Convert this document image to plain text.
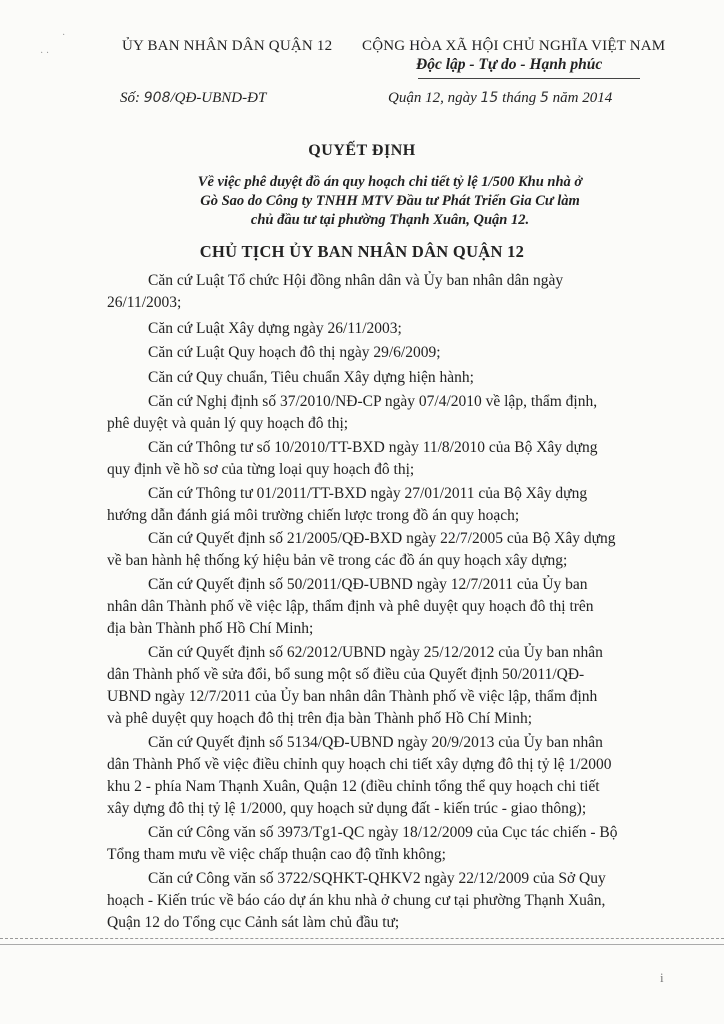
· ·
·
ỦY BAN NHÂN DÂN QUẬN 12 CỘNG HÒA XÃ HỘI CHỦ NGHĨA VIỆT NAM
Độc lập - Tự do - Hạnh phúc
Số: 908/QĐ-UBND-ĐT	Quận 12, ngày 15 tháng 5 năm 2014
QUYẾT ĐỊNH
Về việc phê duyệt đồ án quy hoạch chi tiết tỷ lệ 1/500 Khu nhà ở
Gò Sao do Công ty TNHH MTV Đầu tư Phát Triển Gia Cư làm
chủ đầu tư tại phường Thạnh Xuân, Quận 12.
CHỦ TỊCH ỦY BAN NHÂN DÂN QUẬN 12
Căn cứ Luật Tổ chức Hội đồng nhân dân và Ủy ban nhân dân ngày
26/11/2003;
Căn cứ Luật Xây dựng ngày 26/11/2003;
Căn cứ Luật Quy hoạch đô thị ngày 29/6/2009;
Căn cứ Quy chuẩn, Tiêu chuẩn Xây dựng hiện hành;
Căn cứ Nghị định số 37/2010/NĐ-CP ngày 07/4/2010 về lập, thẩm định,
phê duyệt và quản lý quy hoạch đô thị;
Căn cứ Thông tư số 10/2010/TT-BXD ngày 11/8/2010 của Bộ Xây dựng
quy định về hồ sơ của từng loại quy hoạch đô thị;
Căn cứ Thông tư 01/2011/TT-BXD ngày 27/01/2011 của Bộ Xây dựng
hướng dẫn đánh giá môi trường chiến lược trong đồ án quy hoạch;
Căn cứ Quyết định số 21/2005/QĐ-BXD ngày 22/7/2005 của Bộ Xây dựng
về ban hành hệ thống ký hiệu bản vẽ trong các đồ án quy hoạch xây dựng;
Căn cứ Quyết định số 50/2011/QĐ-UBND ngày 12/7/2011 của Ủy ban
nhân dân Thành phố về việc lập, thẩm định và phê duyệt quy hoạch đô thị trên
địa bàn Thành phố Hồ Chí Minh;
Căn cứ Quyết định số 62/2012/UBND ngày 25/12/2012 của Ủy ban nhân
dân Thành phố về sửa đổi, bổ sung một số điều của Quyết định 50/2011/QĐ-
UBND ngày 12/7/2011 của Ủy ban nhân dân Thành phố về việc lập, thẩm định
và phê duyệt quy hoạch đô thị trên địa bàn Thành phố Hồ Chí Minh;
Căn cứ Quyết định số 5134/QĐ-UBND ngày 20/9/2013 của Ủy ban nhân
dân Thành Phố về việc điều chỉnh quy hoạch chi tiết xây dựng đô thị tỷ lệ 1/2000
khu 2 - phía Nam Thạnh Xuân, Quận 12 (điều chỉnh tổng thể quy hoạch chi tiết
xây dựng đô thị tỷ lệ 1/2000, quy hoạch sử dụng đất - kiến trúc - giao thông);
Căn cứ Công văn số 3973/Tg1-QC ngày 18/12/2009 của Cục tác chiến - Bộ
Tổng tham mưu về việc chấp thuận cao độ tĩnh không;
Căn cứ Công văn số 3722/SQHKT-QHKV2 ngày 22/12/2009 của Sở Quy
hoạch - Kiến trúc về báo cáo dự án khu nhà ở chung cư tại phường Thạnh Xuân,
Quận 12 do Tổng cục Cảnh sát làm chủ đầu tư;
i
